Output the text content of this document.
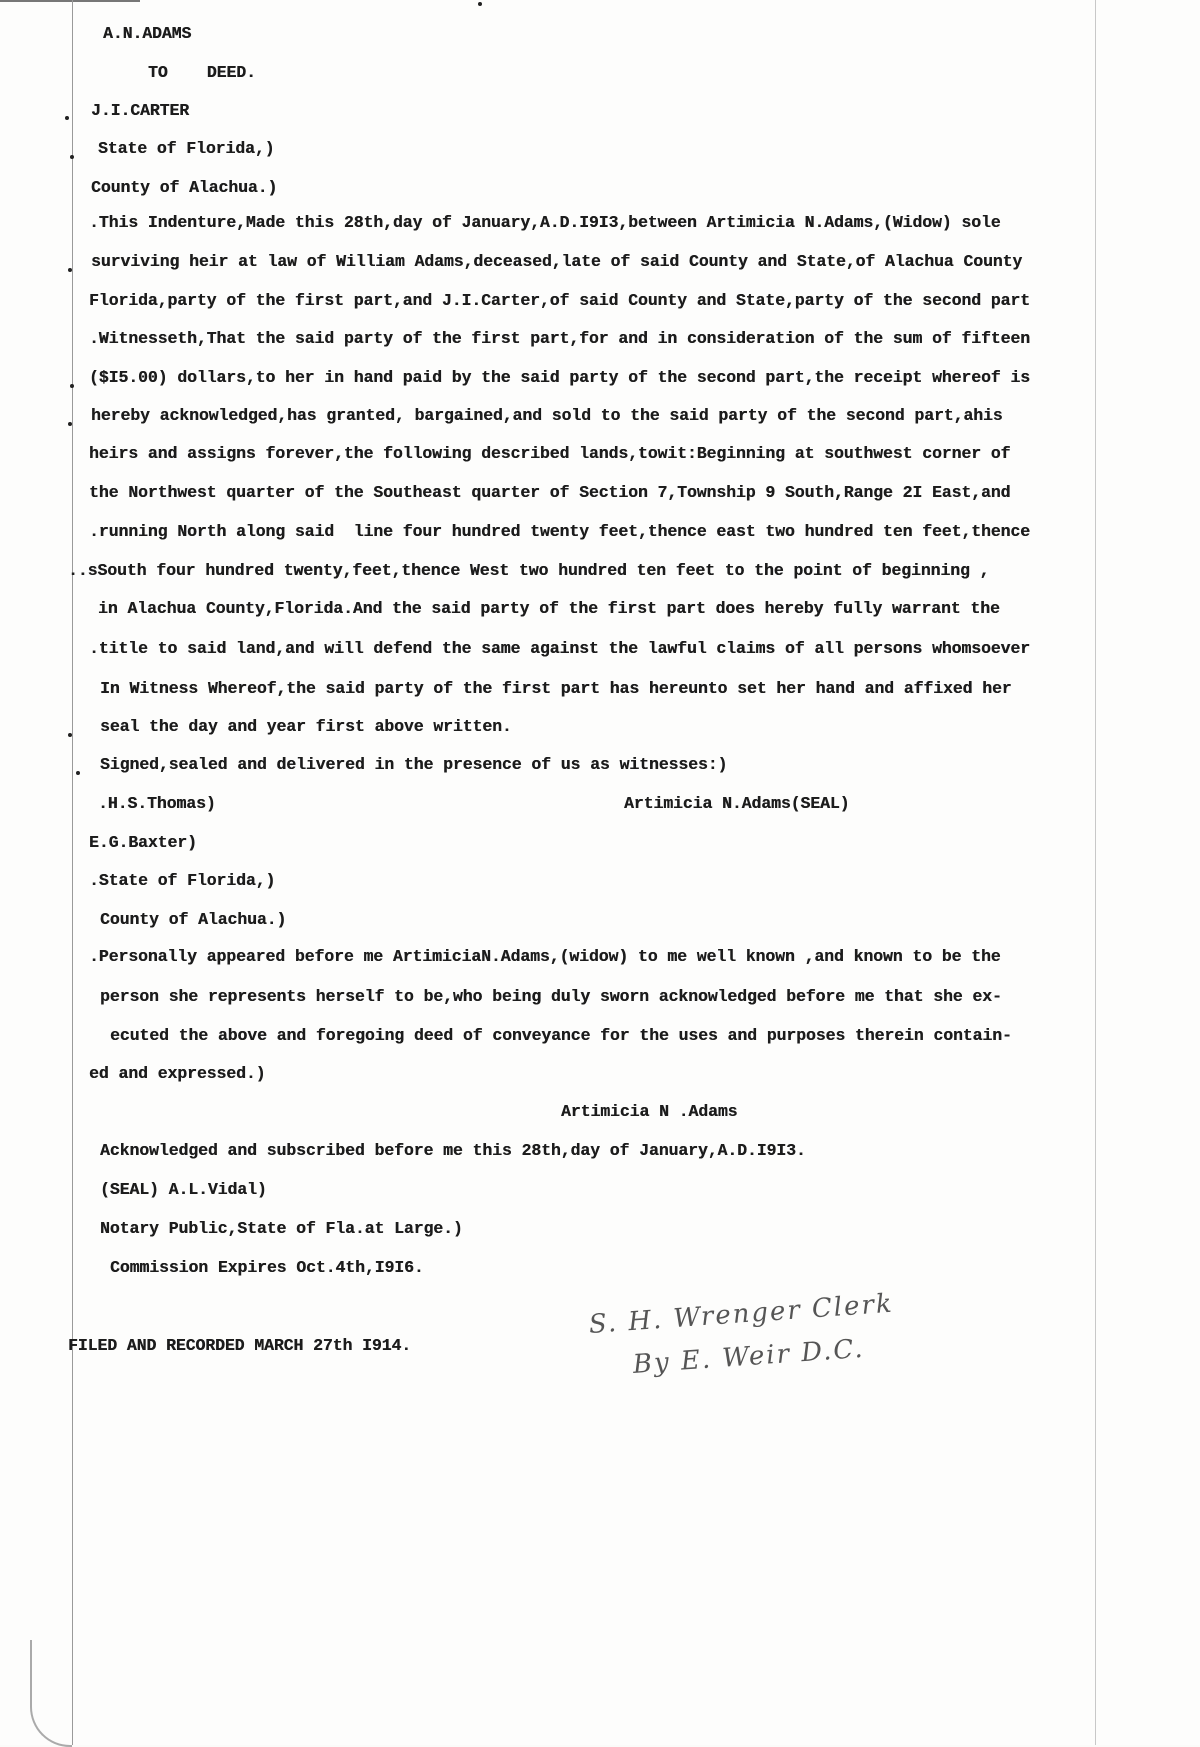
A.N.ADAMS
TO    DEED.
J.I.CARTER
State of Florida,)
County of Alachua.)
.This Indenture,Made this 28th,day of January,A.D.I9I3,between Artimicia N.Adams,(Widow) sole
surviving heir at law of William Adams,deceased,late of said County and State,of Alachua County
Florida,party of the first part,and J.I.Carter,of said County and State,party of the second part
.Witnesseth,That the said party of the first part,for and in consideration of the sum of fifteen
($I5.00) dollars,to her in hand paid by the said party of the second part,the receipt whereof is
hereby acknowledged,has granted, bargained,and sold to the said party of the second part,ahis
heirs and assigns forever,the following described lands,towit:Beginning at southwest corner of
the Northwest quarter of the Southeast quarter of Section 7,Township 9 South,Range 2I East,and
.running North along said  line four hundred twenty feet,thence east two hundred ten feet,thence
..sSouth four hundred twenty,feet,thence West two hundred ten feet to the point of beginning ,
in Alachua County,Florida.And the said party of the first part does hereby fully warrant the
.title to said land,and will defend the same against the lawful claims of all persons whomsoever
In Witness Whereof,the said party of the first part has hereunto set her hand and affixed her
seal the day and year first above written.
Signed,sealed and delivered in the presence of us as witnesses:)
.H.S.Thomas)	Artimicia N.Adams(SEAL)
E.G.Baxter)
.State of Florida,)
County of Alachua.)
.Personally appeared before me ArtimiciaN.Adams,(widow) to me well known ,and known to be the
person she represents herself to be,who being duly sworn acknowledged before me that she ex-
ecuted the above and foregoing deed of conveyance for the uses and purposes therein contain-
ed and expressed.)
Artimicia N .Adams
Acknowledged and subscribed before me this 28th,day of January,A.D.I9I3.
(SEAL) A.L.Vidal)
Notary Public,State of Fla.at Large.)
Commission Expires Oct.4th,I9I6.
FILED AND RECORDED MARCH 27th I914.
S. H. Wrenger Clerk
By E. Weir D.C.
